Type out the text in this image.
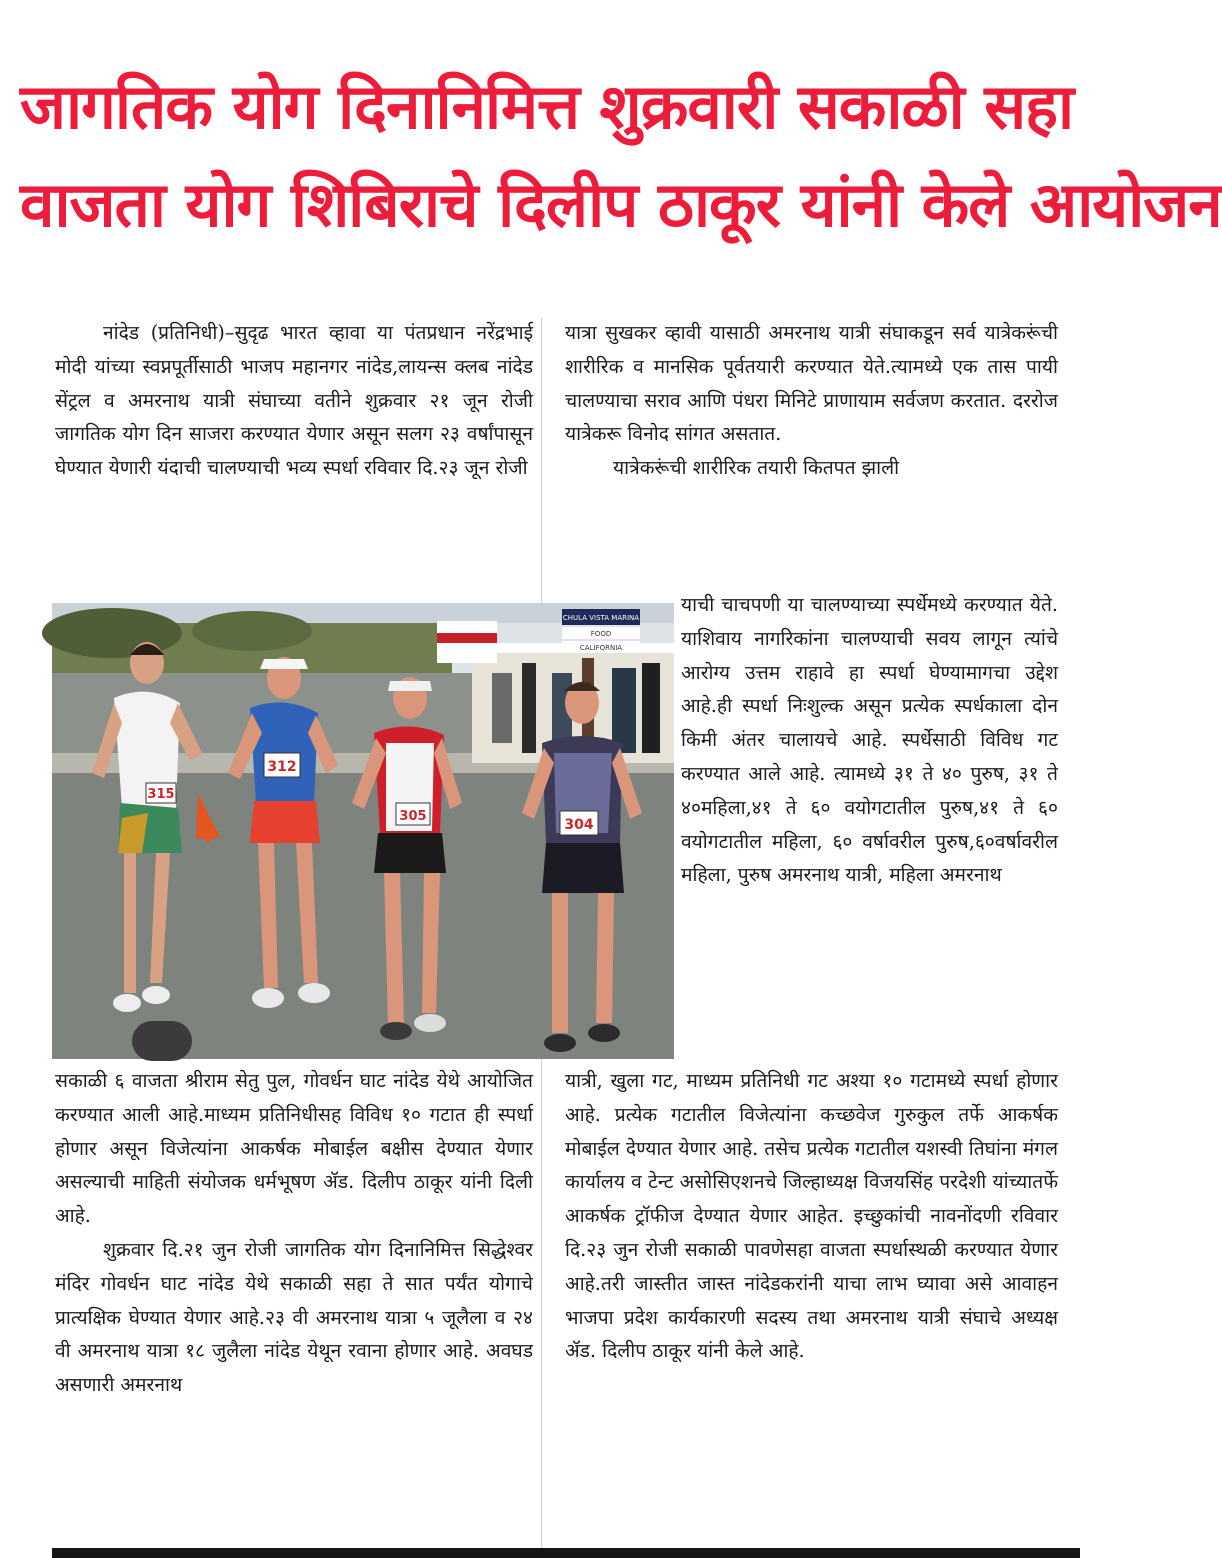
जागतिक योग दिनानिमित्त शुक्रवारी सकाळी सहा
वाजता योग शिबिराचे दिलीप ठाकूर यांनी केले आयोजन

नांदेड (प्रतिनिधी)–सुदृढ भारत व्हावा या पंतप्रधान नरेंद्रभाई मोदी यांच्या स्वप्नपूर्तीसाठी भाजप महानगर नांदेड,लायन्स क्लब नांदेड सेंट्रल व अमरनाथ यात्री संघाच्या वतीने शुक्रवार २१ जून रोजी जागतिक योग दिन साजरा करण्यात येणार असून सलग २३ वर्षांपासून घेण्यात येणारी यंदाची चालण्याची भव्य स्पर्धा रविवार दि.२३ जून रोजी

CHULA VISTA MARINA
FOOD
CALIFORNIA
315
312
305
304

सकाळी ६ वाजता श्रीराम सेतु पुल, गोवर्धन घाट नांदेड येथे आयोजित करण्यात आली आहे.माध्यम प्रतिनिधीसह विविध १० गटात ही स्पर्धा होणार असून विजेत्यांना आकर्षक मोबाईल बक्षीस देण्यात येणार असल्याची माहिती संयोजक धर्मभूषण ॲड. दिलीप ठाकूर यांनी दिली आहे.

शुक्रवार दि.२१ जुन रोजी जागतिक योग दिनानिमित्त सिद्धेश्वर मंदिर गोवर्धन घाट नांदेड येथे सकाळी सहा ते सात पर्यंत योगाचे प्रात्यक्षिक घेण्यात येणार आहे.२३ वी अमरनाथ यात्रा ५ जूलैला व २४ वी अमरनाथ यात्रा १८ जुलैला नांदेड येथून रवाना होणार आहे. अवघड असणारी अमरनाथ

यात्रा सुखकर व्हावी यासाठी अमरनाथ यात्री संघाकडून सर्व यात्रेकरूंची शारीरिक व मानसिक पूर्वतयारी करण्यात येते.त्यामध्ये एक तास पायी चालण्याचा सराव आणि पंधरा मिनिटे प्राणायाम सर्वजण करतात. दररोज यात्रेकरू विनोद सांगत असतात.

यात्रेकरूंची शारीरिक तयारी कितपत झाली

याची चाचपणी या चालण्याच्या स्पर्धेमध्ये करण्यात येते. याशिवाय नागरिकांना चालण्याची सवय लागून त्यांचे आरोग्य उत्तम राहावे हा स्पर्धा घेण्यामागचा उद्देश आहे.ही स्पर्धा निःशुल्क असून प्रत्येक स्पर्धकाला दोन किमी अंतर चालायचे आहे. स्पर्धेसाठी विविध गट करण्यात आले आहे. त्यामध्ये ३१ ते ४० पुरुष, ३१ ते ४०महिला,४१ ते ६० वयोगटातील पुरुष,४१ ते ६० वयोगटातील महिला, ६० वर्षावरील पुरुष,६०वर्षावरील महिला, पुरुष अमरनाथ यात्री, महिला अमरनाथ

यात्री, खुला गट, माध्यम प्रतिनिधी गट अश्या १० गटामध्ये स्पर्धा होणार आहे. प्रत्येक गटातील विजेत्यांना कच्छवेज गुरुकुल तर्फे आकर्षक मोबाईल देण्यात येणार आहे. तसेच प्रत्येक गटातील यशस्वी तिघांना मंगल कार्यालय व टेन्ट असोसिएशनचे जिल्हाध्यक्ष विजयसिंह परदेशी यांच्यातर्फे आकर्षक ट्रॉफीज देण्यात येणार आहेत. इच्छुकांची नावनोंदणी रविवार दि.२३ जुन रोजी सकाळी पावणेसहा वाजता स्पर्धास्थळी करण्यात येणार आहे.तरी जास्तीत जास्त नांदेडकरांनी याचा लाभ घ्यावा असे आवाहन भाजपा प्रदेश कार्यकारणी सदस्य तथा अमरनाथ यात्री संघाचे अध्यक्ष ॲड. दिलीप ठाकूर यांनी केले आहे.
